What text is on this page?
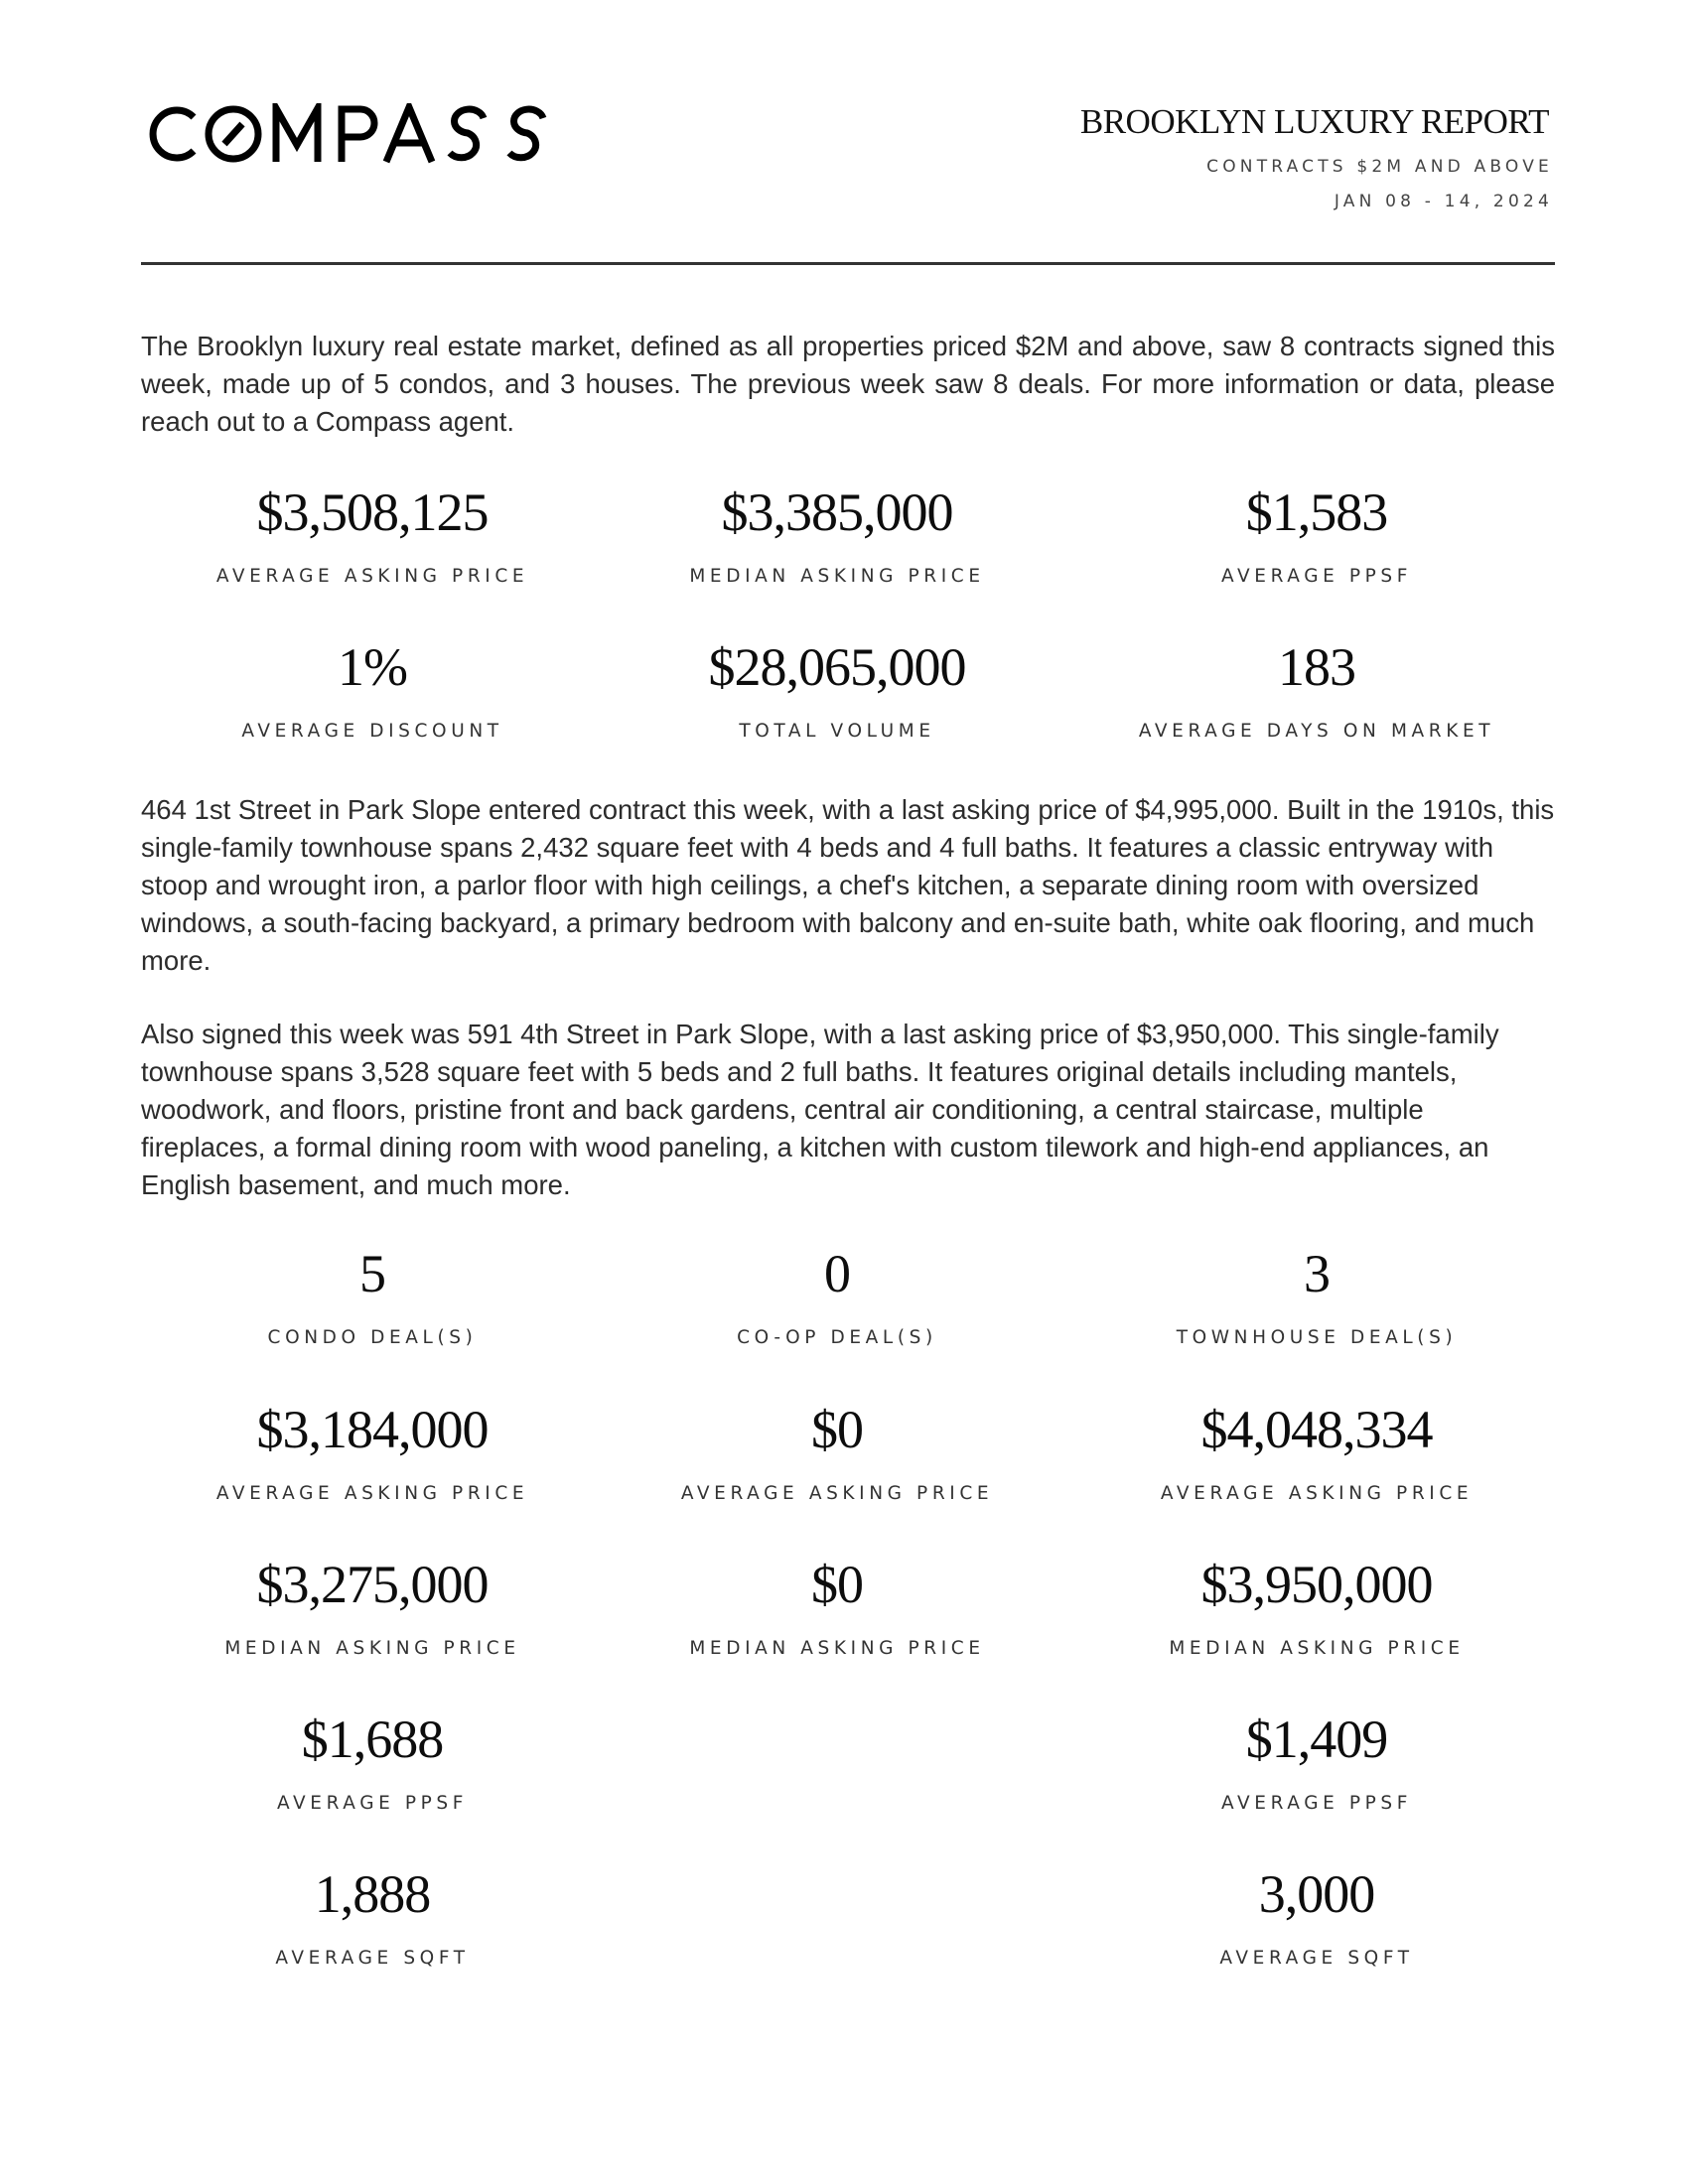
BROOKLYN LUXURY REPORT
CONTRACTS $2M AND ABOVE
JAN 08 - 14, 2024

The Brooklyn luxury real estate market, defined as all properties priced $2M and above, saw 8 contracts signed this week, made up of 5 condos, and 3 houses. The previous week saw 8 deals. For more information or data, please reach out to a Compass agent.

$3,508,125
AVERAGE ASKING PRICE
$3,385,000
MEDIAN ASKING PRICE
$1,583
AVERAGE PPSF
1%
AVERAGE DISCOUNT
$28,065,000
TOTAL VOLUME
183
AVERAGE DAYS ON MARKET

464 1st Street in Park Slope entered contract this week, with a last asking price of $4,995,000. Built in the 1910s, this single-family townhouse spans 2,432 square feet with 4 beds and 4 full baths. It features a classic entryway with stoop and wrought iron, a parlor floor with high ceilings, a chef's kitchen, a separate dining room with oversized windows, a south-facing backyard, a primary bedroom with balcony and en-suite bath, white oak flooring, and much more.

Also signed this week was 591 4th Street in Park Slope, with a last asking price of $3,950,000. This single-family townhouse spans 3,528 square feet with 5 beds and 2 full baths. It features original details including mantels, woodwork, and floors, pristine front and back gardens, central air conditioning, a central staircase, multiple fireplaces, a formal dining room with wood paneling, a kitchen with custom tilework and high-end appliances, an English basement, and much more.

5
CONDO DEAL(S)
0
CO-OP DEAL(S)
3
TOWNHOUSE DEAL(S)
$3,184,000
AVERAGE ASKING PRICE
$0
AVERAGE ASKING PRICE
$4,048,334
AVERAGE ASKING PRICE
$3,275,000
MEDIAN ASKING PRICE
$0
MEDIAN ASKING PRICE
$3,950,000
MEDIAN ASKING PRICE
$1,688
AVERAGE PPSF
$1,409
AVERAGE PPSF
1,888
AVERAGE SQFT
3,000
AVERAGE SQFT
